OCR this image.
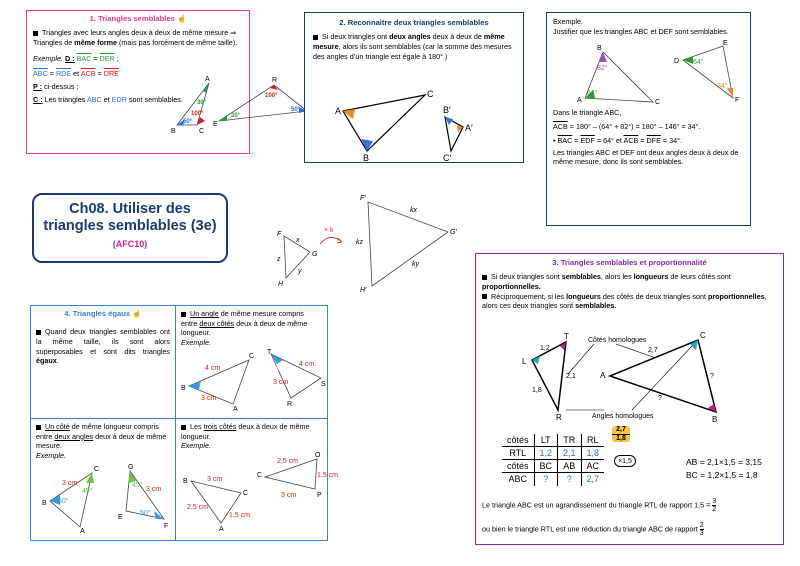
1. Triangles semblables ☝
Triangles avec leurs angles deux à deux de même mesure ⇒ Triangles de même forme (mais pas forcément de même taille).
Exemple. D : $\overline{BAC} = \overline{DER}$ ;
$\overline{ABC} = \overline{RDE}$ et $\overline{ACB} = \overline{DRE}$
P : ci-dessus ;
C : Les triangles ABC et EDR sont semblables.
A
B	C
30°
100°
50°
R
E
100°
30°
50°
2. Reconnaitre deux triangles semblables
Si deux triangles ont deux angles deux à deux de même mesure, alors ils sont semblables (car la somme des mesures des angles d’un triangle est égale à 180°.)
A
C
B
B′
A′
C′
Exemple.
Justifier que les triangles ABC et DEF sont semblables.
B
A	C
82°
64°
D
E
F
64°
34°
Dans le triangle ABC,
$\overline{ACB} = 180^\circ - (64^\circ + 82^\circ) = 180^\circ - 146^\circ = 34^\circ$.
• $\overline{BAC} = \overline{EDF} = 64^\circ$ et $\overline{ACB} = \overline{DFE} = 34^\circ$.
Les triangles ABC et DEF ont deux angles deux à deux de même mesure, donc ils sont semblables.
Ch08. Utiliser des
triangles semblables (3e)
(AFC10)
F
G
H
x
y
z
× k
F′
G′
H′
kx
ky
kz
3. Triangles semblables et proportionnalité
Si deux triangles sont semblables, alors les longueurs de leurs côtés sont proportionnelles.
Réciproquement, si les longueurs des côtés de deux triangles sont proportionnelles, alors ces deux triangles sont semblables.
T
L
R
1,2
2,1
1,8
C
A
B
2,7
?
?
Côtés homologues
Angles homologues
côtés	LT	TR	RL
RTL	1,2	2,1	1,8
côtés	BC	AB	AC
ABC	?	?	2,7
2,7
1,8
×1,5	AB = 2,1×1,5 = 3,15
BC = 1,2×1,5 = 1,8
Le triangle ABC est un agrandissement du triangle RTL de rapport $1,5 = \frac{3}{2}$
ou bien le triangle RTL est une réduction du triangle ABC de rapport $\frac{2}{3}$
4. Triangles égaux ☝
Quand deux triangles semblables ont la même taille, ils sont alors superposables et sont dits triangles égaux.
Un angle de même mesure compris entre deux côtés deux à deux de même longueur.
Exemple.
B
C
A
4 cm
3 cm
30°
T
S
R
30°
3 cm
4 cm
Un côté de même longueur compris entre deux angles deux à deux de même mesure.
Exemple.
B
C
A
3 cm
45°
50°
G
E
F
45°
3 cm
50°
Les trois côtés deux à deux de même longueur.
Exemple.
B
C
A
3 cm
2,5 cm
1,5 cm
C
O
P
2,5 cm
1,5 cm
3 cm
